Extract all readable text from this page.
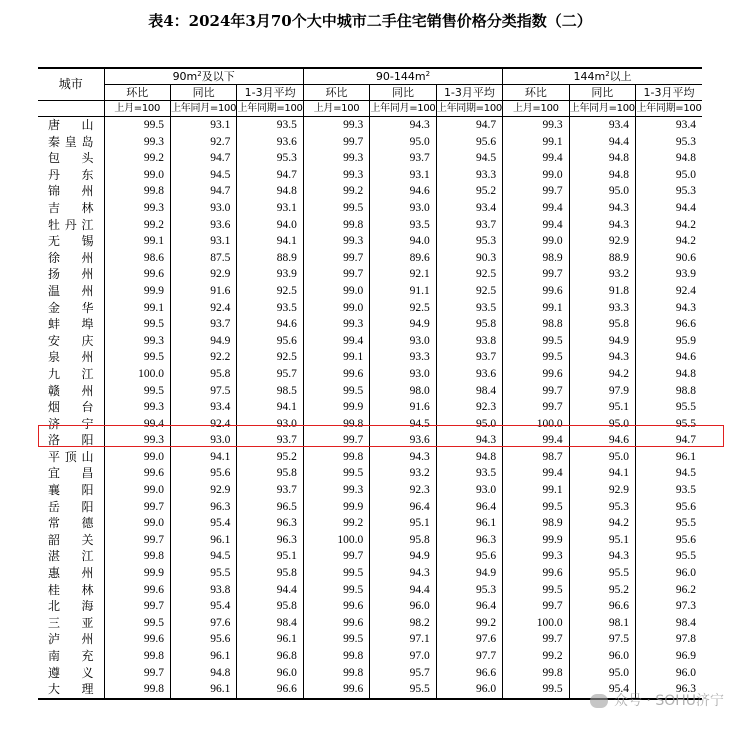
表4：2024年3月70个大中城市二手住宅销售价格分类指数（二）
城市	$90m^2$及以下			$90-144m^2$			$144m^2$以上		
	环比	同比	1-3月平均	环比	同比	1-3月平均	环比	同比	1-3月平均
	上月=100	上年同月=100	上年同期=100	上月=100	上年同月=100	上年同期=100	上月=100	上年同月=100	上年同期=100
唐山	99.5	93.1	93.5	99.3	94.3	94.7	99.3	93.4	93.4
秦皇岛	99.3	92.7	93.6	99.7	95.0	95.6	99.1	94.4	95.3
包头	99.2	94.7	95.3	99.3	93.7	94.5	99.4	94.8	94.8
丹东	99.0	94.5	94.7	99.3	93.1	93.3	99.0	94.8	95.0
锦州	99.8	94.7	94.8	99.2	94.6	95.2	99.7	95.0	95.3
吉林	99.3	93.0	93.1	99.5	93.0	93.4	99.4	94.3	94.4
牡丹江	99.2	93.6	94.0	99.8	93.5	93.7	99.4	94.3	94.2
无锡	99.1	93.1	94.1	99.3	94.0	95.3	99.0	92.9	94.2
徐州	98.6	87.5	88.9	99.7	89.6	90.3	98.9	88.9	90.6
扬州	99.6	92.9	93.9	99.7	92.1	92.5	99.7	93.2	93.9
温州	99.9	91.6	92.5	99.0	91.1	92.5	99.6	91.8	92.4
金华	99.1	92.4	93.5	99.0	92.5	93.5	99.1	93.3	94.3
蚌埠	99.5	93.7	94.6	99.3	94.9	95.8	98.8	95.8	96.6
安庆	99.3	94.9	95.6	99.4	93.0	93.8	99.5	94.9	95.9
泉州	99.5	92.2	92.5	99.1	93.3	93.7	99.5	94.3	94.6
九江	100.0	95.8	95.7	99.6	93.0	93.6	99.6	94.2	94.8
赣州	99.5	97.5	98.5	99.5	98.0	98.4	99.7	97.9	98.8
烟台	99.3	93.4	94.1	99.9	91.6	92.3	99.7	95.1	95.5
济宁	99.4	92.4	93.0	99.8	94.5	95.0	100.0	95.0	95.5
洛阳	99.3	93.0	93.7	99.7	93.6	94.3	99.4	94.6	94.7
平顶山	99.0	94.1	95.2	99.8	94.3	94.8	98.7	95.0	96.1
宜昌	99.6	95.6	95.8	99.5	93.2	93.5	99.4	94.1	94.5
襄阳	99.0	92.9	93.7	99.3	92.3	93.0	99.1	92.9	93.5
岳阳	99.7	96.3	96.5	99.9	96.4	96.4	99.5	95.3	95.6
常德	99.0	95.4	96.3	99.2	95.1	96.1	98.9	94.2	95.5
韶关	99.7	96.1	96.3	100.0	95.8	96.3	99.9	95.1	95.6
湛江	99.8	94.5	95.1	99.7	94.9	95.6	99.3	94.3	95.5
惠州	99.9	95.5	95.8	99.5	94.3	94.9	99.6	95.5	96.0
桂林	99.6	93.8	94.4	99.5	94.4	95.3	99.5	95.2	96.2
北海	99.7	95.4	95.8	99.6	96.0	96.4	99.7	96.6	97.3
三亚	99.5	97.6	98.4	99.6	98.2	99.2	100.0	98.1	98.4
泸州	99.6	95.6	96.1	99.5	97.1	97.6	99.7	97.5	97.8
南充	99.8	96.1	96.8	99.8	97.0	97.7	99.2	96.0	96.9
遵义	99.7	94.8	96.0	99.8	95.7	96.6	99.8	95.0	96.0
大理	99.8	96.1	96.6	99.6	95.5	96.0	99.5	95.4	96.3
众号 · SOHU济宁
